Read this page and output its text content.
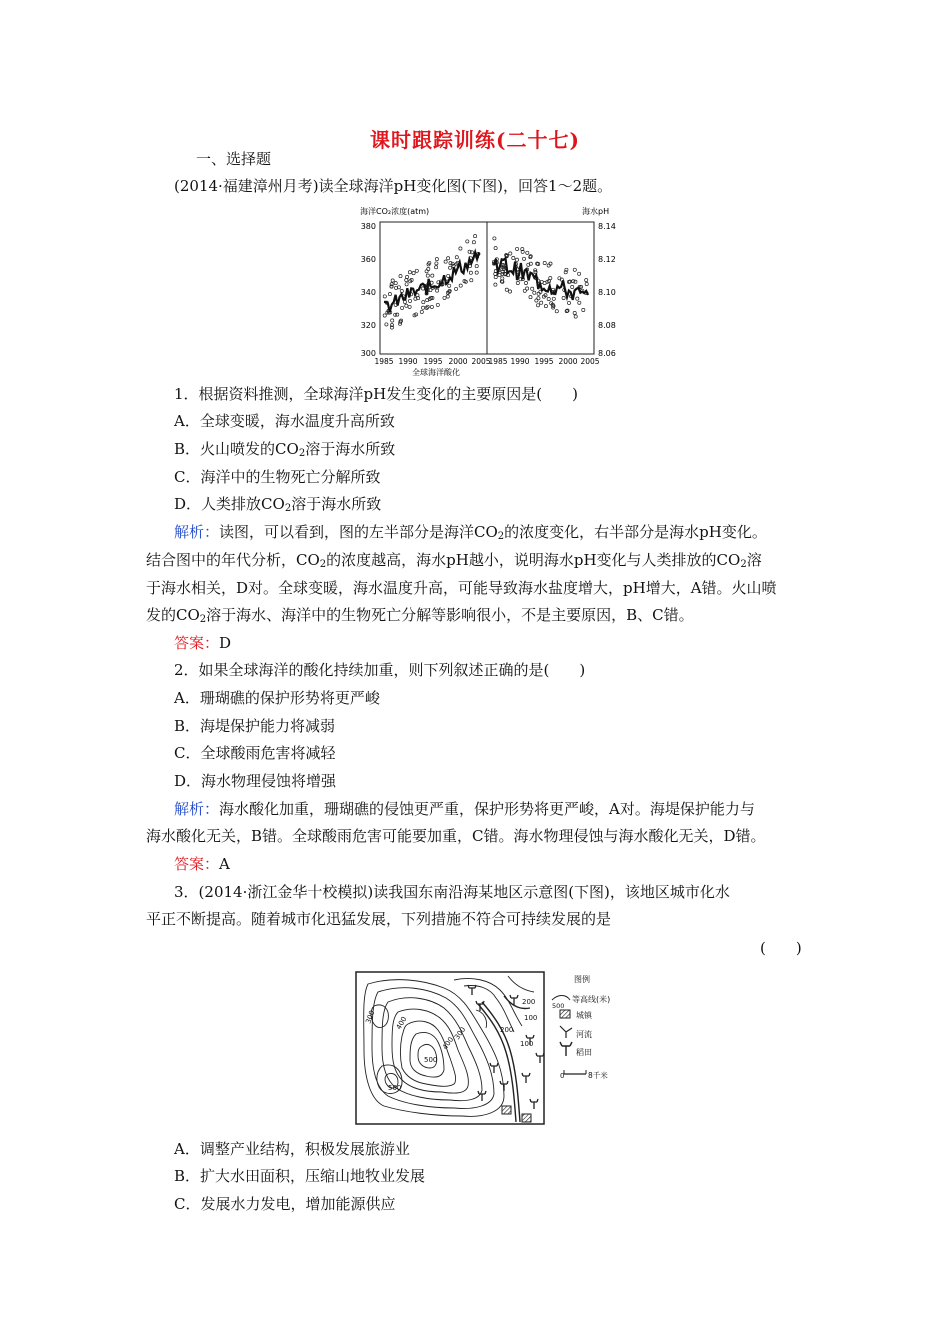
课时跟踪训练(二十七)
一、选择题
(2014·福建漳州月考)读全球海洋pH变化图(下图)，回答1～2题。
海洋CO₂浓度(atm)	海水pH
380
360
340
320
300
8.14
8.12
8.10
8.08
8.06
1985 1990 1995 2000 2005
1985 1990 1995 2000 2005
全球海洋酸化
1．根据资料推测，全球海洋pH发生变化的主要原因是(　　)
A．全球变暖，海水温度升高所致
B．火山喷发的$CO_2$溶于海水所致
C．海洋中的生物死亡分解所致
D．人类排放$CO_2$溶于海水所致
解析：读图，可以看到，图的左半部分是海洋$CO_2$的浓度变化，右半部分是海水pH变化。
结合图中的年代分析，$CO_2$的浓度越高，海水pH越小，说明海水pH变化与人类排放的$CO_2$溶
于海水相关，D对。全球变暖，海水温度升高，可能导致海水盐度增大，pH增大，A错。火山喷
发的$CO_2$溶于海水、海洋中的生物死亡分解等影响很小，不是主要原因，B、C错。
答案：D
2．如果全球海洋的酸化持续加重，则下列叙述正确的是(　　)
A．珊瑚礁的保护形势将更严峻
B．海堤保护能力将减弱
C．全球酸雨危害将减轻
D．海水物理侵蚀将增强
解析：海水酸化加重，珊瑚礁的侵蚀更严重，保护形势将更严峻，A对。海堤保护能力与
海水酸化无关，B错。全球酸雨危害可能要加重，C错。海水物理侵蚀与海水酸化无关，D错。
答案：A
3．(2014·浙江金华十校模拟)读我国东南沿海某地区示意图(下图)，该地区城市化水
平正不断提高。随着城市化迅猛发展，下列措施不符合可持续发展的是
(　　)
200
200
100
100
300	400
500
500
400
300
图例
500
等高线(米)
城镇
河流
稻田
0	8千米
A．调整产业结构，积极发展旅游业
B．扩大水田面积，压缩山地牧业发展
C．发展水力发电，增加能源供应
